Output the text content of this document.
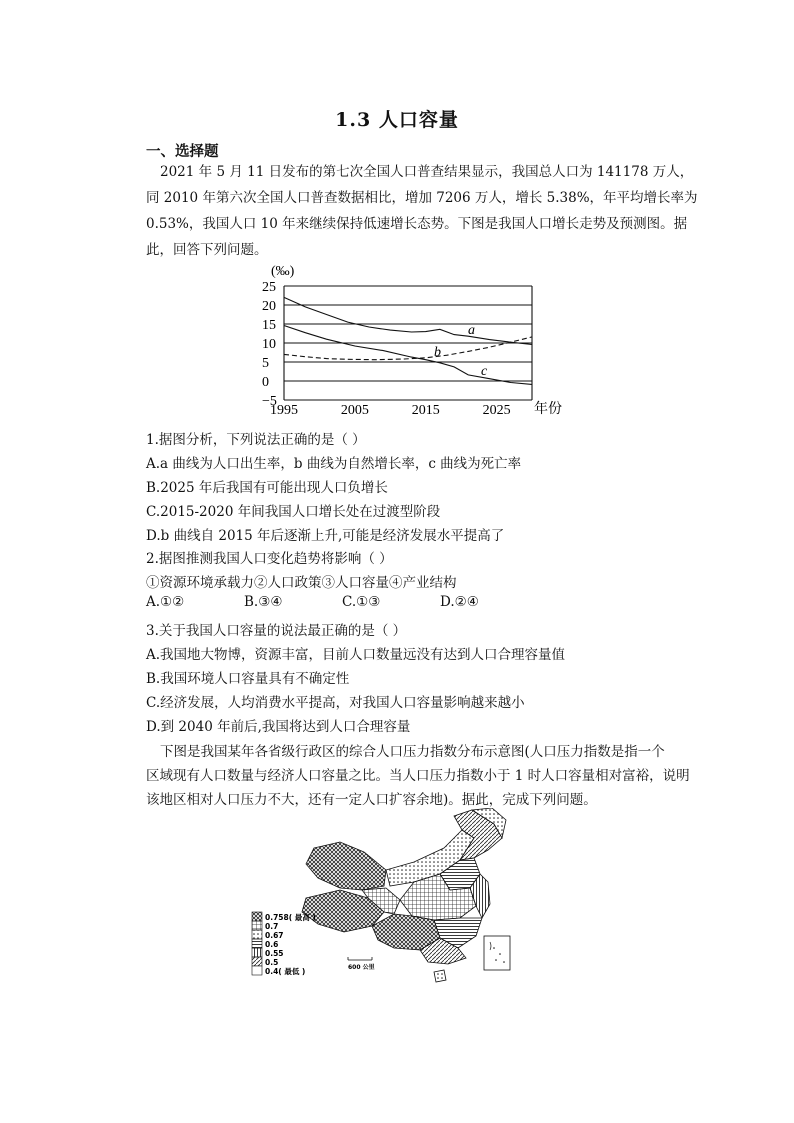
1.3 人口容量
一、选择题
2021 年 5 月 11 日发布的第七次全国人口普查结果显示，我国总人口为 141178 万人，
同 2010 年第六次全国人口普查数据相比，增加 7206 万人，增长 5.38%，年平均增长率为
0.53%，我国人口 10 年来继续保持低速增长态势。下图是我国人口增长走势及预测图。据
此，回答下列问题。
(‰)
25
20
15
10
5
0
−5
1995	2005	2015	2025 年份
a
b
c
1.据图分析，下列说法正确的是（ ）
A.a 曲线为人口出生率，b 曲线为自然增长率，c 曲线为死亡率
B.2025 年后我国有可能出现人口负增长
C.2015-2020 年间我国人口增长处在过渡型阶段
D.b 曲线自 2015 年后逐渐上升,可能是经济发展水平提高了
2.据图推测我国人口变化趋势将影响（ ）
①资源环境承载力②人口政策③人口容量④产业结构
A.①②	B.③④	C.①③	D.②④
3.关于我国人口容量的说法最正确的是（ ）
A.我国地大物博，资源丰富，目前人口数量远没有达到人口合理容量值
B.我国环境人口容量具有不确定性
C.经济发展，人均消费水平提高，对我国人口容量影响越来越小
D.到 2040 年前后,我国将达到人口合理容量
下图是我国某年各省级行政区的综合人口压力指数分布示意图(人口压力指数是指一个
区域现有人口数量与经济人口容量之比。当人口压力指数小于 1 时人口容量相对富裕，说明
该地区相对人口压力不大，还有一定人口扩容余地)。据此，完成下列问题。
0.758( 最高 )
0.7
0.67
0.6
0.55
0.5
0.4( 最低 )	600 公里
